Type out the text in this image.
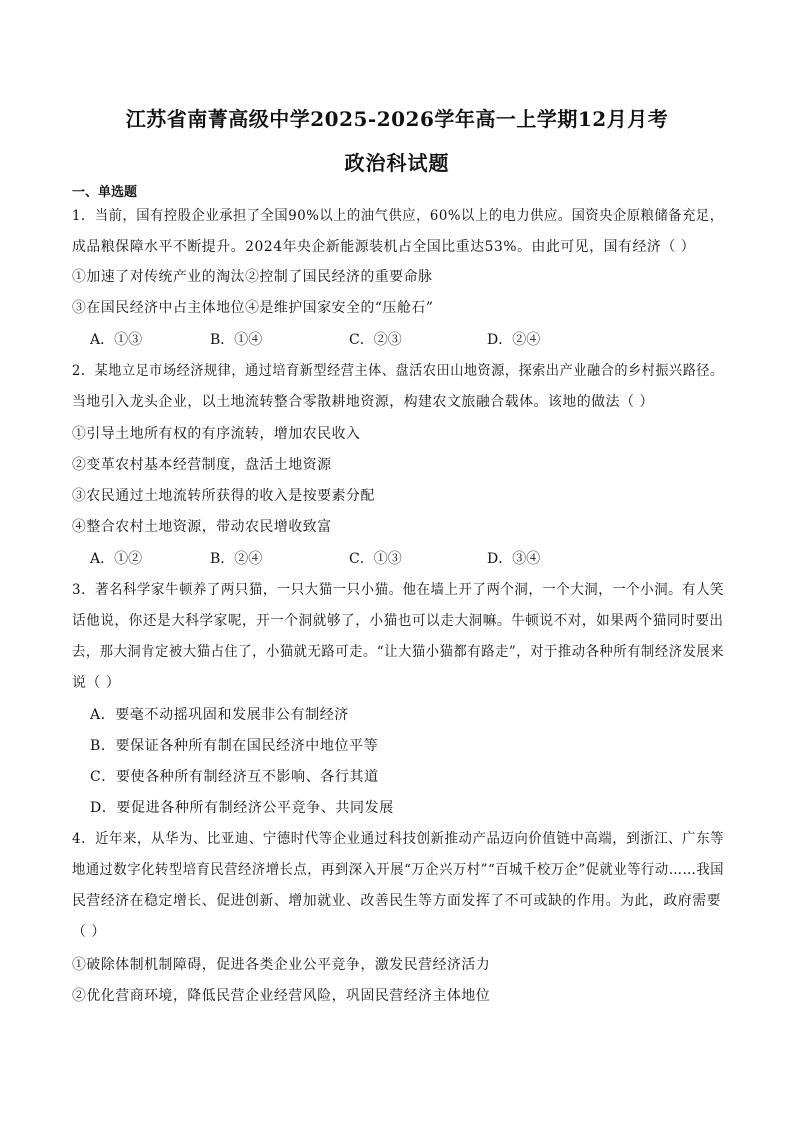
江苏省南菁高级中学2025-2026学年高一上学期12月月考
政治科试题
一、单选题
1．当前，国有控股企业承担了全国90%以上的油气供应，60%以上的电力供应。国资央企原粮储备充足，
成品粮保障水平不断提升。2024年央企新能源装机占全国比重达53%。由此可见，国有经济（ ）
①加速了对传统产业的淘汰②控制了国民经济的重要命脉
③在国民经济中占主体地位④是维护国家安全的“压舱石”
A．①③	B．①④	C．②③	D．②④
2．某地立足市场经济规律，通过培育新型经营主体、盘活农田山地资源，探索出产业融合的乡村振兴路径。
当地引入龙头企业，以土地流转整合零散耕地资源，构建农文旅融合载体。该地的做法（ ）
①引导土地所有权的有序流转，增加农民收入
②变革农村基本经营制度，盘活土地资源
③农民通过土地流转所获得的收入是按要素分配
④整合农村土地资源，带动农民增收致富
A．①②	B．②④	C．①③	D．③④
3．著名科学家牛顿养了两只猫，一只大猫一只小猫。他在墙上开了两个洞，一个大洞，一个小洞。有人笑
话他说，你还是大科学家呢，开一个洞就够了，小猫也可以走大洞嘛。牛顿说不对，如果两个猫同时要出
去，那大洞肯定被大猫占住了，小猫就无路可走。“让大猫小猫都有路走”，对于推动各种所有制经济发展来
说（ ）
A．要毫不动摇巩固和发展非公有制经济
B．要保证各种所有制在国民经济中地位平等
C．要使各种所有制经济互不影响、各行其道
D．要促进各种所有制经济公平竞争、共同发展
4．近年来，从华为、比亚迪、宁德时代等企业通过科技创新推动产品迈向价值链中高端，到浙江、广东等
地通过数字化转型培育民营经济增长点，再到深入开展“万企兴万村”“百城千校万企”促就业等行动……我国
民营经济在稳定增长、促进创新、增加就业、改善民生等方面发挥了不可或缺的作用。为此，政府需要
（ ）
①破除体制机制障碍，促进各类企业公平竞争，激发民营经济活力
②优化营商环境，降低民营企业经营风险，巩固民营经济主体地位
